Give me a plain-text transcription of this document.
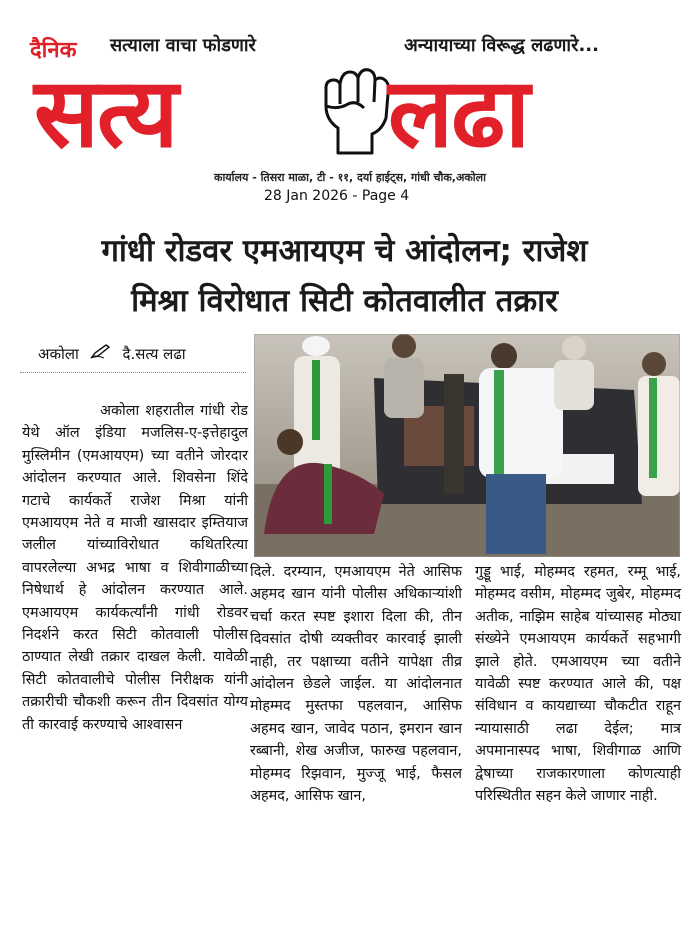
दैनिक सत्याला वाचा फोडणारे	अन्यायाच्या विरूद्ध लढणारे...
सत्य लढा
कार्यालय - तिसरा माळा, टी - ११, दर्या हाईट्स, गांधी चौक,अकोला
28 Jan 2026 - Page 4
गांधी रोडवर एमआयएम चे आंदोलन; राजेश
मिश्रा विरोधात सिटी कोतवालीत तक्रार
अकोला	दै.सत्य लढा
अकोला शहरातील गांधी रोड येथे ऑल इंडिया मजलिस-ए-इत्तेहादुल मुस्लिमीन (एमआयएम) च्या वतीने जोरदार आंदोलन करण्यात आले. शिवसेना शिंदे गटाचे कार्यकर्ते राजेश मिश्रा यांनी एमआयएम नेते व माजी खासदार इम्तियाज जलील यांच्याविरोधात कथितरित्या वापरलेल्या अभद्र भाषा व शिवीगाळीच्या निषेधार्थ हे आंदोलन करण्यात आले. एमआयएम कार्यकर्त्यांनी गांधी रोडवर निदर्शने करत सिटी कोतवाली पोलीस ठाण्यात लेखी तक्रार दाखल केली. यावेळी सिटी कोतवालीचे पोलीस निरीक्षक यांनी तक्रारीची चौकशी करून तीन दिवसांत योग्य ती कारवाई करण्याचे आश्वासन
दिले. दरम्यान, एमआयएम नेते आसिफ अहमद खान यांनी पोलीस अधिकाऱ्यांशी चर्चा करत स्पष्ट इशारा दिला की, तीन दिवसांत दोषी व्यक्तीवर कारवाई झाली नाही, तर पक्षाच्या वतीने यापेक्षा तीव्र आंदोलन छेडले जाईल. या आंदोलनात मोहम्मद मुस्तफा पहलवान, आसिफ अहमद खान, जावेद पठान, इमरान खान रब्बानी, शेख अजीज, फारुख पहलवान, मोहम्मद रिझवान, मुज्जू भाई, फैसल अहमद, आसिफ खान,
गुड्डू भाई, मोहम्मद रहमत, रम्मू भाई, मोहम्मद वसीम, मोहम्मद जुबेर, मोहम्मद अतीक, नाझिम साहेब यांच्यासह मोठ्या संख्येने एमआयएम कार्यकर्ते सहभागी झाले होते. एमआयएम च्या वतीने यावेळी स्पष्ट करण्यात आले की, पक्ष संविधान व कायद्याच्या चौकटीत राहून न्यायासाठी लढा देईल; मात्र अपमानास्पद भाषा, शिवीगाळ आणि द्वेषाच्या राजकारणाला कोणत्याही परिस्थितीत सहन केले जाणार नाही.
